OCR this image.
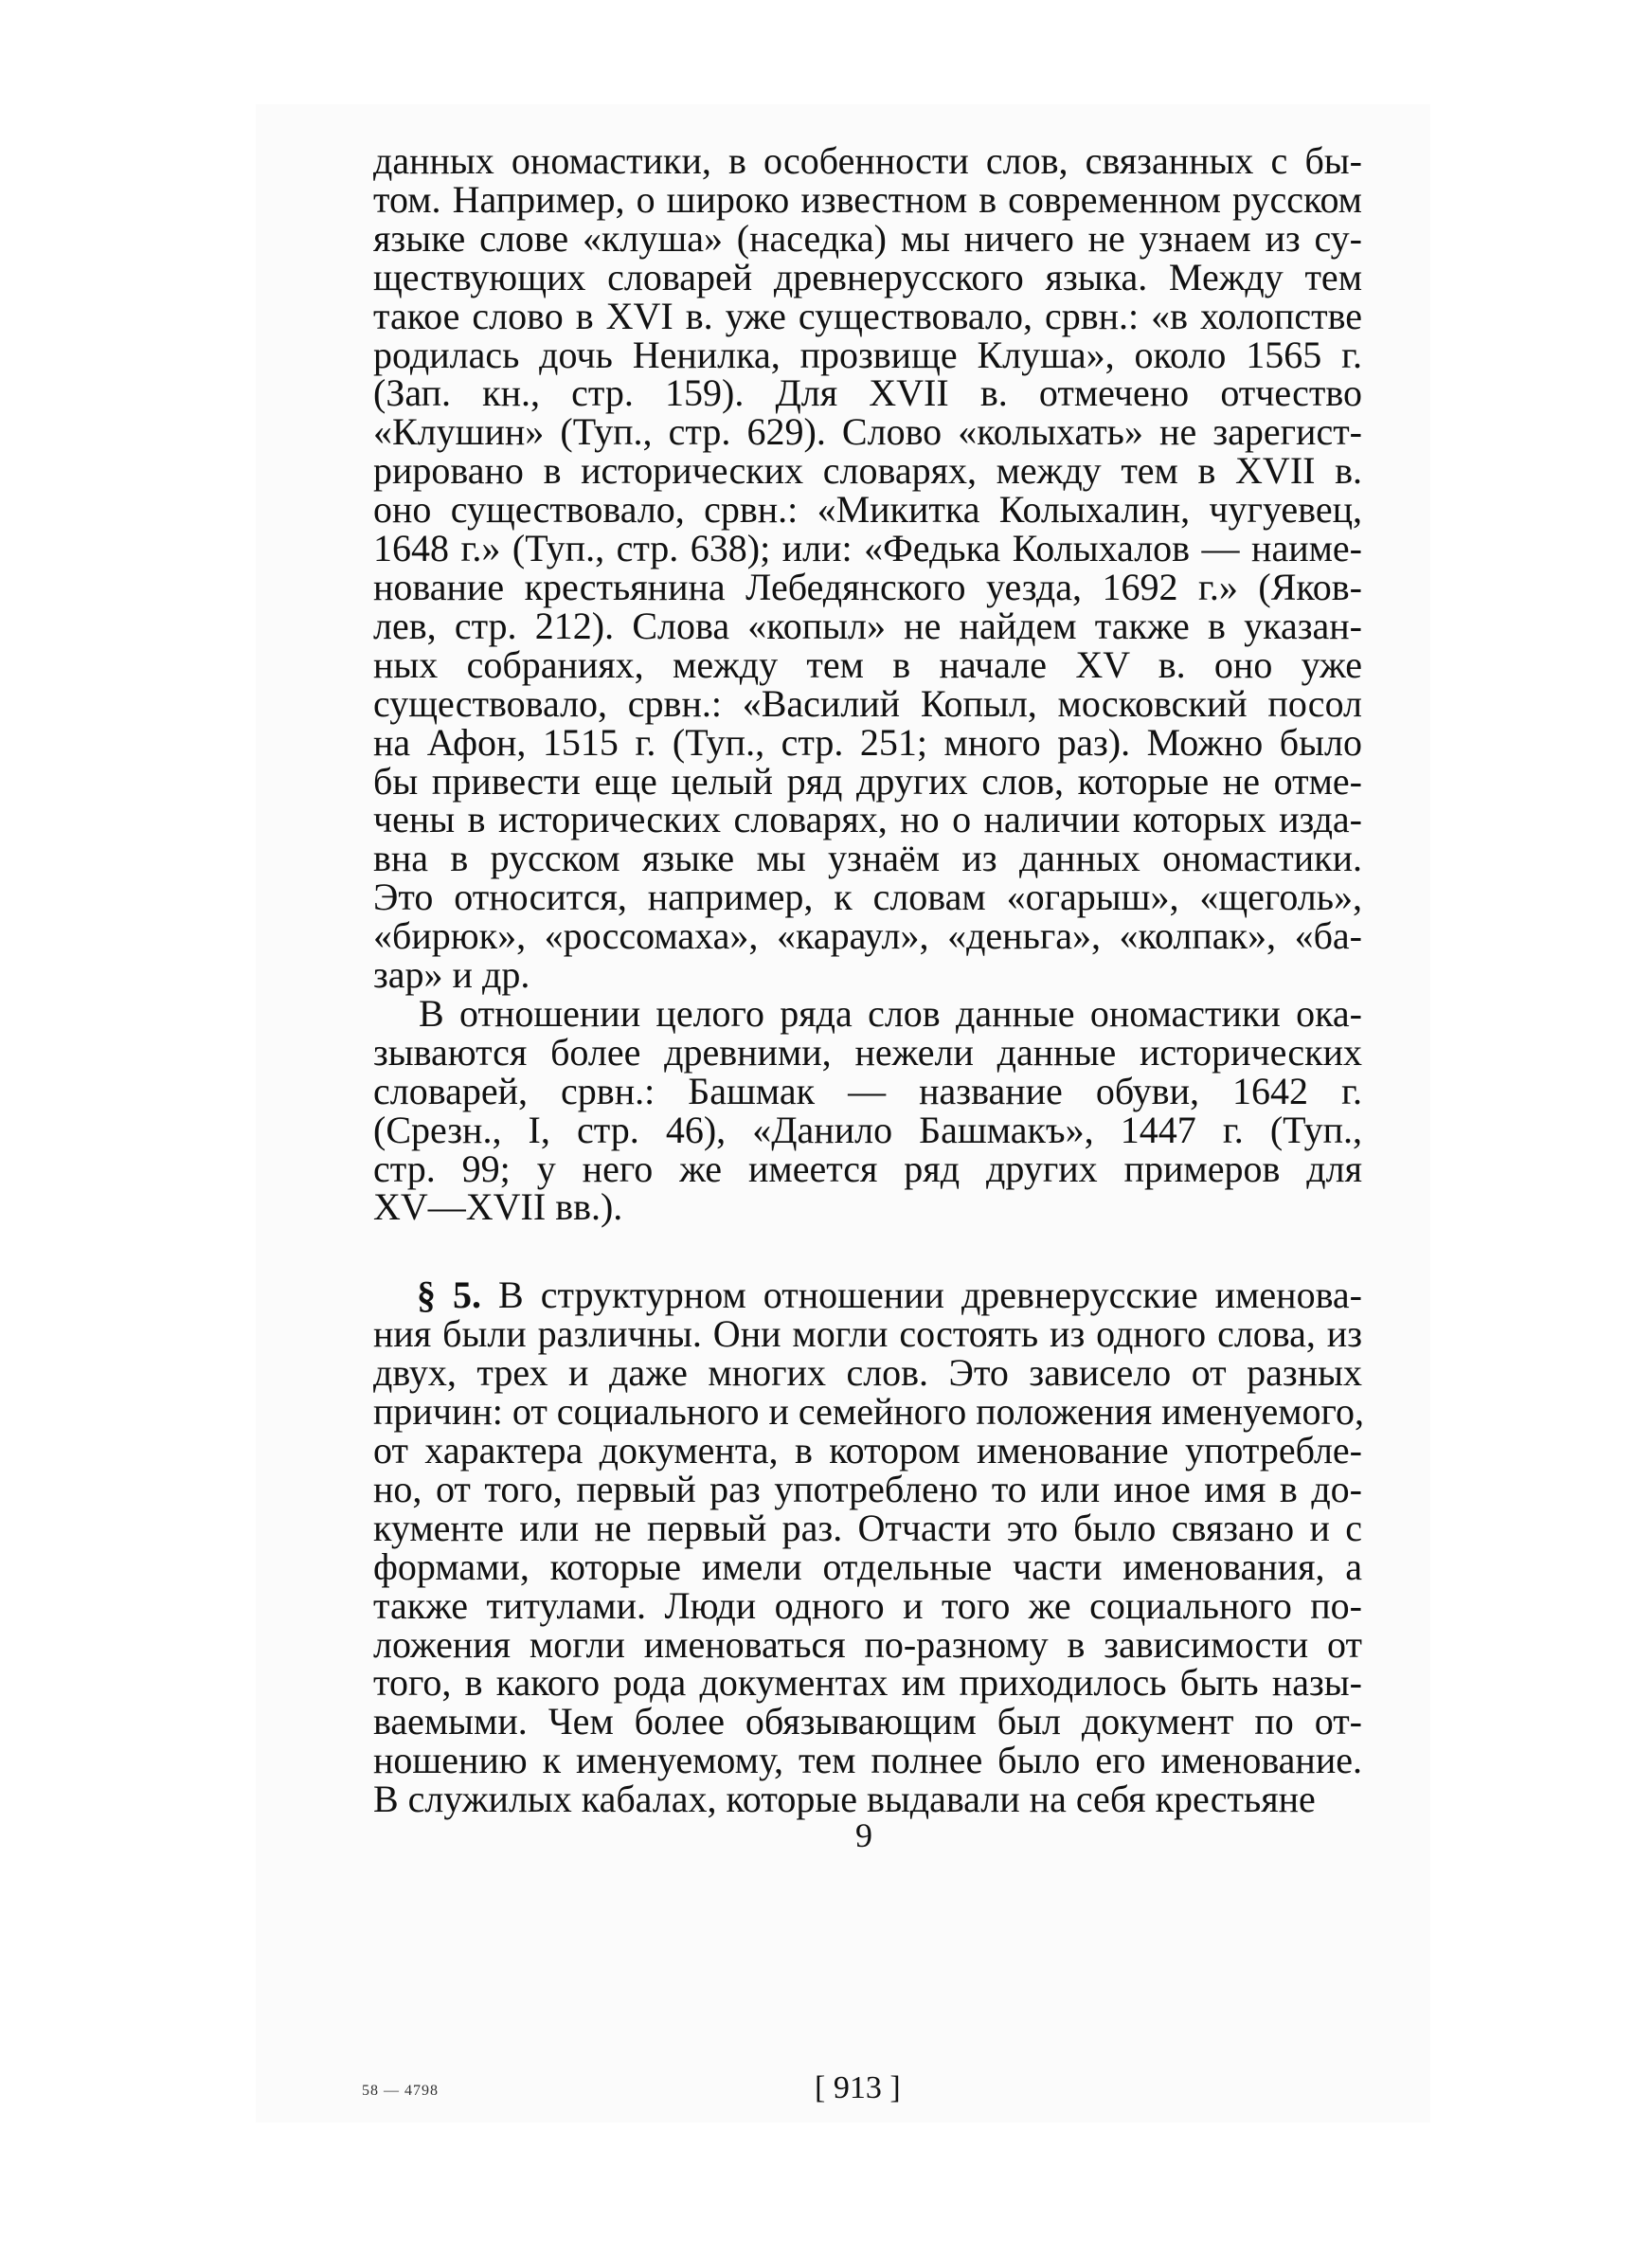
данных ономастики, в особенности слов, связанных с бы-
том. Например, о широко известном в современном русском
языке слове «клуша» (наседка) мы ничего не узнаем из су-
ществующих словарей древнерусского языка. Между тем
такое слово в XVI в. уже существовало, срвн.: «в холопстве
родилась дочь Ненилка, прозвище Клуша», около 1565 г.
(Зап. кн., стр. 159). Для XVII в. отмечено отчество
«Клушин» (Туп., стр. 629). Слово «колыхать» не зарегист-
рировано в исторических словарях, между тем в XVII в.
оно существовало, срвн.: «Микитка Колыхалин, чугуевец,
1648 г.» (Туп., стр. 638); или: «Федька Колыхалов — наиме-
нование крестьянина Лебедянского уезда, 1692 г.» (Яков-
лев, стр. 212). Слова «копыл» не найдем также в указан-
ных собраниях, между тем в начале XV в. оно уже
существовало, срвн.: «Василий Копыл, московский посол
на Афон, 1515 г. (Туп., стр. 251; много раз). Можно было
бы привести еще целый ряд других слов, которые не отме-
чены в исторических словарях, но о наличии которых изда-
вна в русском языке мы узнаём из данных ономастики.
Это относится, например, к словам «огарыш», «щеголь»,
«бирюк», «россомаха», «караул», «деньга», «колпак», «ба-
зар» и др.

В отношении целого ряда слов данные ономастики ока-
зываются более древними, нежели данные исторических
словарей, срвн.: Башмак — название обуви, 1642 г.
(Срезн., I, стр. 46), «Данило Башмакъ», 1447 г. (Туп.,
стр. 99; у него же имеется ряд других примеров для
XV—XVII вв.).

§ 5. В структурном отношении древнерусские именова-
ния были различны. Они могли состоять из одного слова, из
двух, трех и даже многих слов. Это зависело от разных
причин: от социального и семейного положения именуемого,
от характера документа, в котором именование употребле-
но, от того, первый раз употреблено то или иное имя в до-
кументе или не первый раз. Отчасти это было связано и с
формами, которые имели отдельные части именования, а
также титулами. Люди одного и того же социального по-
ложения могли именоваться по-разному в зависимости от
того, в какого рода документах им приходилось быть назы-
ваемыми. Чем более обязывающим был документ по от-
ношению к именуемому, тем полнее было его именование.
В служилых кабалах, которые выдавали на себя крестьяне

9
58 — 4798	[ 913 ]
